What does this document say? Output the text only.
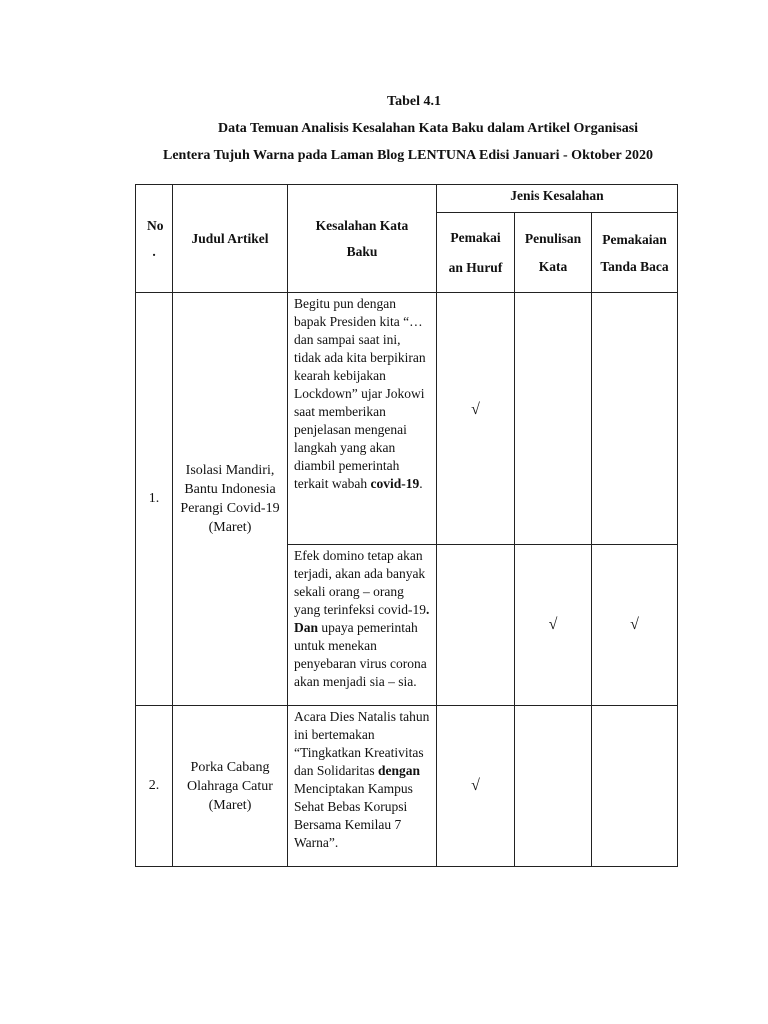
Tabel 4.1
Data Temuan Analisis Kesalahan Kata Baku dalam Artikel Organisasi
Lentera Tujuh Warna pada Laman Blog LENTUNA Edisi Januari - Oktober 2020
No .	Judul Artikel	Kesalahan Kata Baku	Jenis Kesalahan		

			Pemakai an Huruf	Penulisan Kata	Pemakaian Tanda Baca

1.	Isolasi Mandiri, Bantu Indonesia Perangi Covid-19 (Maret)	Begitu pun dengan bapak Presiden kita “… dan sampai saat ini, tidak ada kita berpikiran kearah kebijakan Lockdown” ujar Jokowi saat memberikan penjelasan mengenai langkah yang akan diambil pemerintah terkait wabah covid-19.	√		
		Efek domino tetap akan terjadi, akan ada banyak sekali orang – orang yang terinfeksi covid-19. Dan upaya pemerintah untuk menekan penyebaran virus corona akan menjadi sia – sia.		√	√
2.	Porka Cabang Olahraga Catur (Maret)	Acara Dies Natalis tahun ini bertemakan “Tingkatkan Kreativitas dan Solidaritas dengan Menciptakan Kampus Sehat Bebas Korupsi Bersama Kemilau 7 Warna”.	√		
